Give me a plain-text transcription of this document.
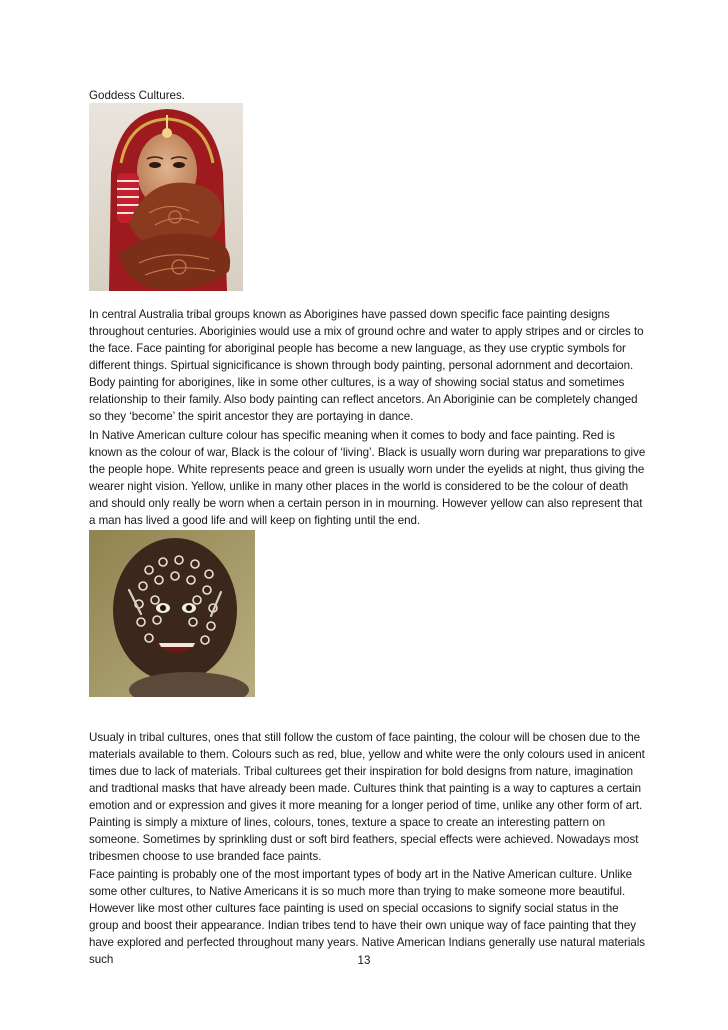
Goddess Cultures.

In central Australia tribal groups known as Aborigines have passed down specific face painting designs throughout centuries. Aboriginies would use a mix of ground ochre and water to apply stripes and or circles to the face. Face painting for aboriginal people has become a new language, as they use cryptic symbols for different things. Spirtual signicificance is shown through body painting, personal adornment and decortaion. Body painting for aborigines, like in some other cultures, is a way of showing social status and sometimes relationship to their family. Also body painting can reflect ancetors. An Aboriginie can be completely changed so they ‘become’ the spirit ancestor they are portaying in dance.

In Native American culture colour has specific meaning when it comes to body and face painting. Red is known as the colour of war, Black is the colour of ‘living’. Black is usually worn during war preparations to give the people hope. White represents peace and green is usually worn under the eyelids at night, thus giving the wearer night vision. Yellow, unlike in many other places in the world is considered to be the colour of death and should only really be worn when a certain person in in mourning. However yellow can also represent that a man has lived a good life and will keep on fighting until the end.

Usualy in tribal cultures, ones that still follow the custom of face painting, the colour will be chosen due to the materials available to them. Colours such as red, blue, yellow and white were the only colours used in anicent times due to lack of materials. Tribal culturees get their inspiration for bold designs from nature, imagination and tradtional masks that have already been made. Cultures think that painting is a way to captures a certain emotion and or expression and gives it more meaning for a longer period of time, unlike any other form of art. Painting is simply a mixture of lines, colours, tones, texture a space to create an interesting pattern on someone. Sometimes by sprinkling dust or soft bird feathers, special effects were achieved. Nowadays most tribesmen choose to use branded face paints.

Face painting is probably one of the most important types of body art in the Native American culture. Unlike some other cultures, to Native Americans it is so much more than trying to make someone more beautiful. However like most other cultures face painting is used on special occasions to signify social status in the group and boost their appearance. Indian tribes tend to have their own unique way of face painting that they have explored and perfected throughout many years. Native American Indians generally use natural materials such	13
